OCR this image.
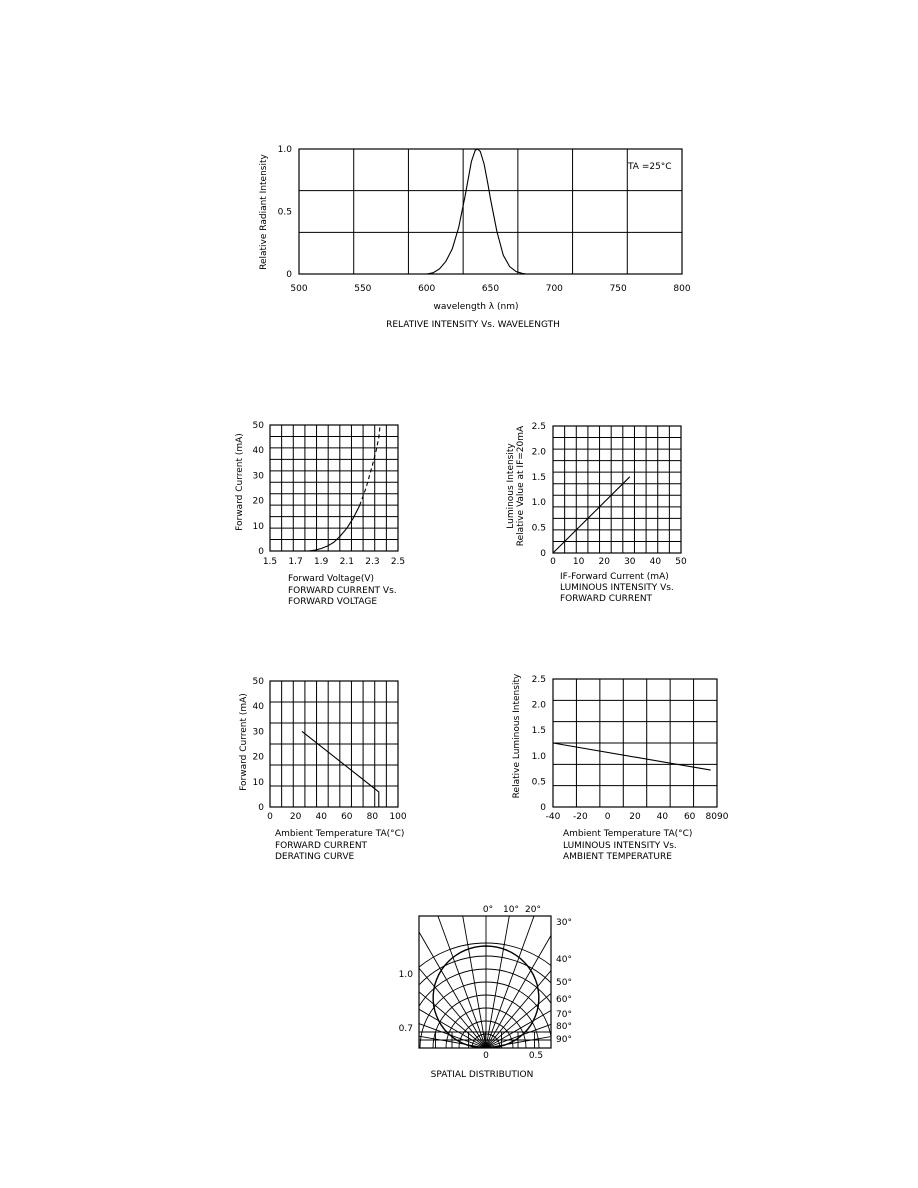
500	550	600	650	700	750	800
0
0.5
1.0
Relative Radiant Intensity
wavelength λ (nm)
RELATIVE INTENSITY Vs. WAVELENGTH
TA =25°C
1.5 1.7 1.9 2.1 2.3 2.5
0
10
20
30
40
50
Forward Current (mA)
Forward Voltage(V)
FORWARD CURRENT Vs.
FORWARD VOLTAGE
0 10 20 30 40 50
0
0.5
1.0
1.5
2.0
2.5
Luminous Intensity Relative Value at IF=20mA
IF-Forward Current (mA)
LUMINOUS INTENSITY Vs.
FORWARD CURRENT
0 20 40 60 80 100
0
10
20
30
40
50
Forward Current (mA)
Ambient Temperature TA(°C)
FORWARD CURRENT
DERATING CURVE
-40 -20 0 20 40 60 8090
0
0.5
1.0
1.5
2.0
2.5
Relative Luminous Intensity
Ambient Temperature TA(°C)
LUMINOUS INTENSITY Vs.
AMBIENT TEMPERATURE
0° 10° 20°
30°
40°
50°
60°
70°
80°
90°
1.0
0.7
0	0.5
SPATIAL DISTRIBUTION
